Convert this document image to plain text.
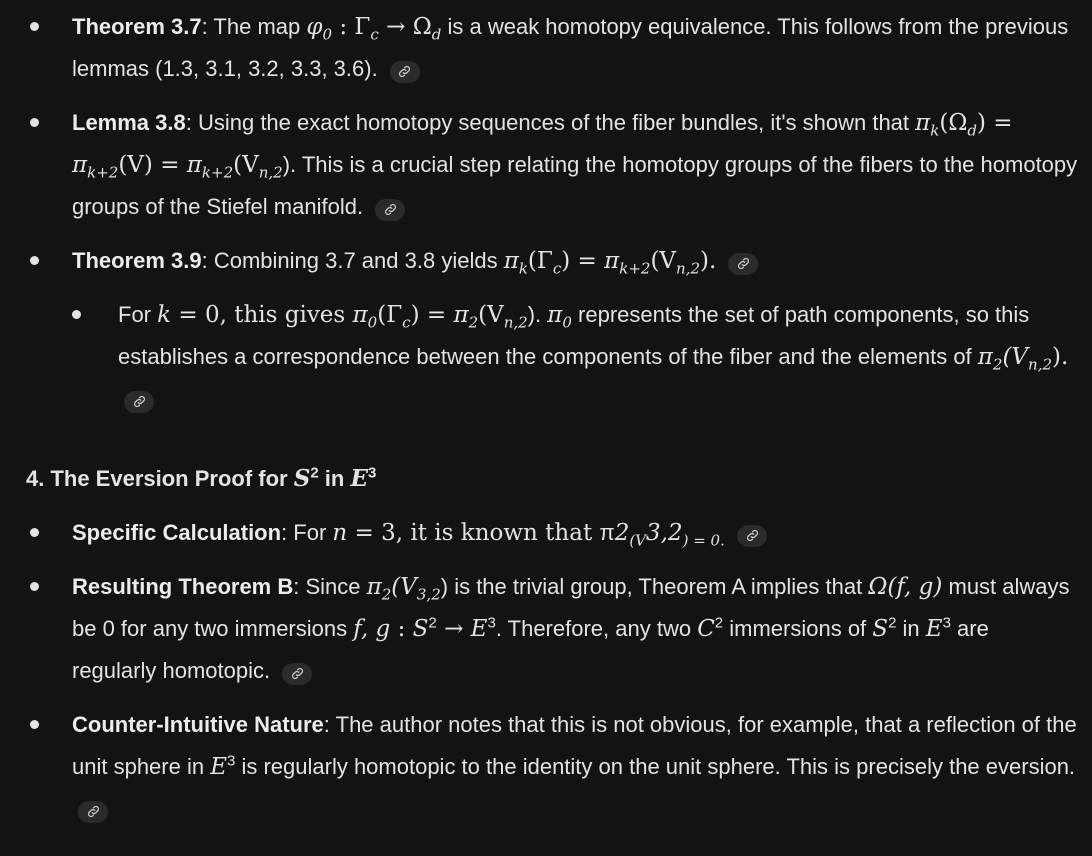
Theorem 3.7: The map $\varphi_0$ : $\Gamma_c \to \Omega_d$ is a weak homotopy equivalence. This follows from the previous lemmas (1.3, 3.1, 3.2, 3.3, 3.6).
Lemma 3.8: Using the exact homotopy sequences of the fiber bundles, it's shown that $\pi_k(\Omega_d) = \pi_{k+2}(V) = \pi_{k+2}(V_{n,2})$. This is a crucial step relating the homotopy groups of the fibers to the homotopy groups of the Stiefel manifold.
Theorem 3.9: Combining 3.7 and 3.8 yields $\pi_k(\Gamma_c) = \pi_{k+2}(V_{n,2})$.
For k = 0, this gives $\pi_0(\Gamma_c) = \pi_2(V_{n,2})$. $\pi_0$ represents the set of path components, so this establishes a correspondence between the components of the fiber and the elements of $\pi_2(V_{n,2})$.
4. The Eversion Proof for $S^2$ in $E^3$
Specific Calculation: For n = 3, it is known that $\pi 2_{(V}3,2_{) = 0.}$
Resulting Theorem B: Since $\pi_2(V_{3,2})$ is the trivial group, Theorem A implies that Ω(f, g) must always be 0 for any two immersions f, g : $S^2 \to E^3$. Therefore, any two $C^2$ immersions of $S^2$ in $E^3$ are regularly homotopic.
Counter-Intuitive Nature: The author notes that this is not obvious, for example, that a reflection of the unit sphere in $E^3$ is regularly homotopic to the identity on the unit sphere. This is precisely the eversion.
